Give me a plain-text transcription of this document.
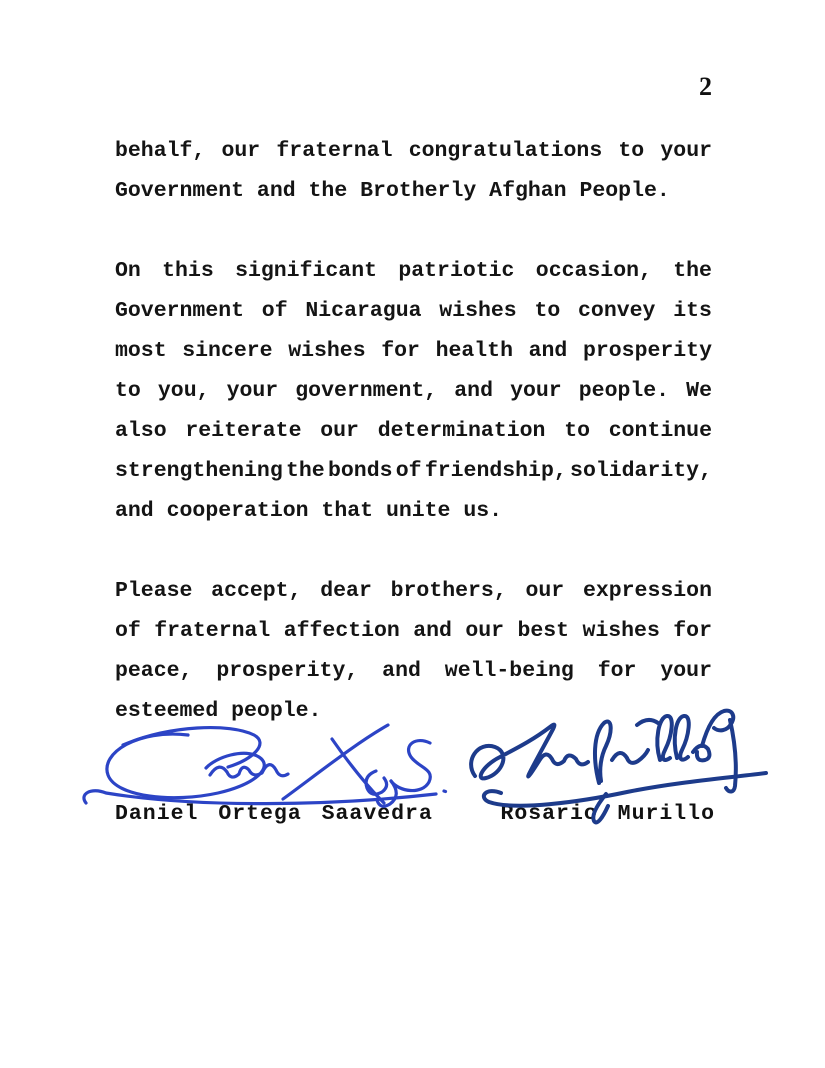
2
behalf, our fraternal congratulations to your
Government and the Brotherly Afghan People.
On this significant patriotic occasion, the
Government of Nicaragua wishes to convey its
most sincere wishes for health and prosperity
to you, your government, and your people. We
also reiterate our determination to continue
strengthening the bonds of friendship, solidarity,
and cooperation that unite us.
Please accept, dear brothers, our expression
of fraternal affection and our best wishes for
peace, prosperity, and well-being for your
esteemed people.
Daniel Ortega Saavedra	Rosario Murillo
